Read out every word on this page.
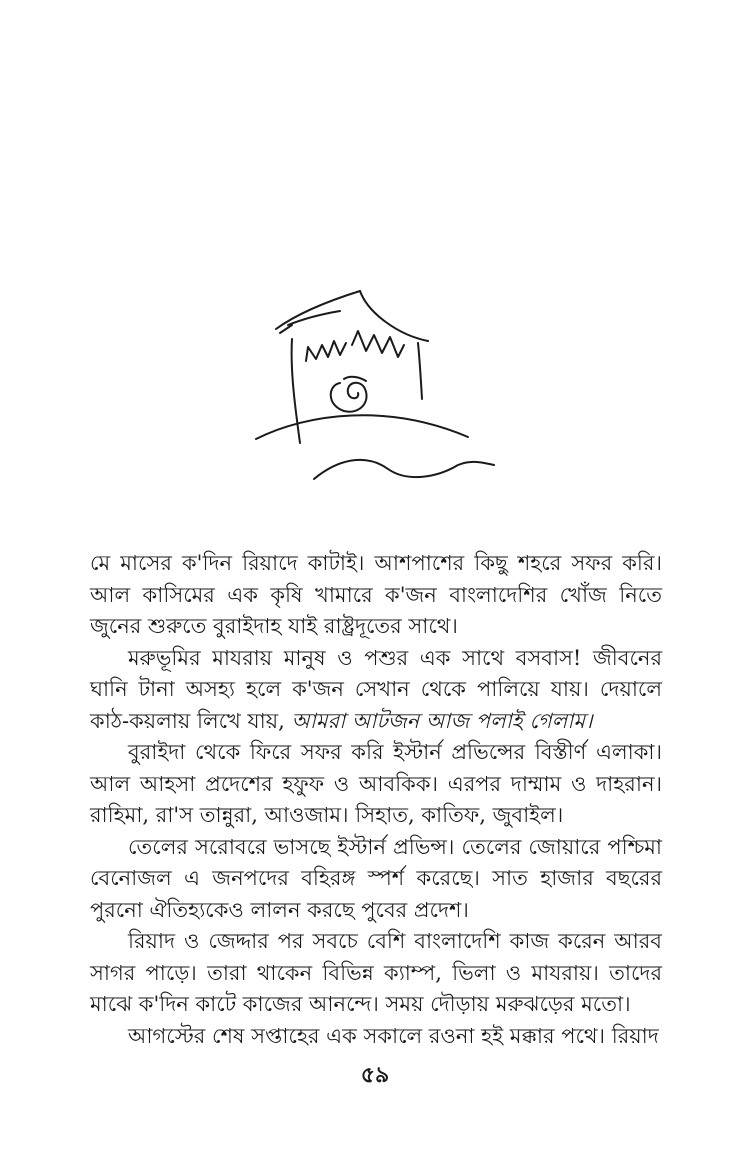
মে মাসের ক'দিন রিয়াদে কাটাই। আশপাশের কিছু শহরে সফর করি। আল কাসিমের এক কৃষি খামারে ক'জন বাংলাদেশির খোঁজ নিতে জুনের শুরুতে বুরাইদাহ যাই রাষ্ট্রদূতের সাথে।

মরুভূমির মাযরায় মানুষ ও পশুর এক সাথে বসবাস! জীবনের ঘানি টানা অসহ্য হলে ক'জন সেখান থেকে পালিয়ে যায়। দেয়ালে কাঠ-কয়লায় লিখে যায়, আমরা আটজন আজ পলাই গেলাম।

বুরাইদা থেকে ফিরে সফর করি ইস্টার্ন প্রভিন্সের বিস্তীর্ণ এলাকা। আল আহসা প্রদেশের হফুফ ও আবকিক। এরপর দাম্মাম ও দাহরান। রাহিমা, রা'স তান্নুরা, আওজাম। সিহাত, কাতিফ, জুবাইল।

তেলের সরোবরে ভাসছে ইস্টার্ন প্রভিন্স। তেলের জোয়ারে পশ্চিমা বেনোজল এ জনপদের বহিরঙ্গ স্পর্শ করেছে। সাত হাজার বছরের পুরনো ঐতিহ্যকেও লালন করছে পুবের প্রদেশ।

রিয়াদ ও জেদ্দার পর সবচে বেশি বাংলাদেশি কাজ করেন আরব সাগর পাড়ে। তারা থাকেন বিভিন্ন ক্যাম্প, ভিলা ও মাযরায়। তাদের মাঝে ক'দিন কাটে কাজের আনন্দে। সময় দৌড়ায় মরুঝড়ের মতো।

আগস্টের শেষ সপ্তাহের এক সকালে রওনা হই মক্কার পথে। রিয়াদ

৫৯
